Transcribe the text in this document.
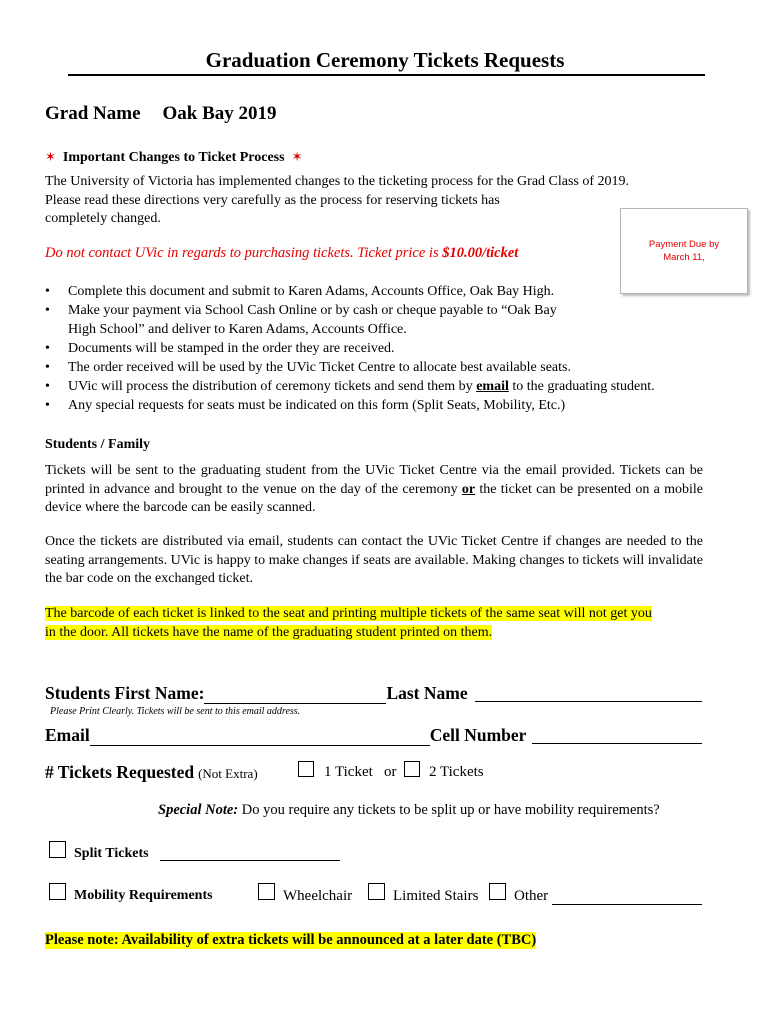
Graduation Ceremony Tickets Requests
Grad Name Oak Bay 2019
✶ Important Changes to Ticket Process ✶
The University of Victoria has implemented changes to the ticketing process for the Grad Class of 2019.
Please read these directions very carefully as the process for reserving tickets has
completely changed.
Payment Due by
March 11,
Do not contact UVic in regards to purchasing tickets. Ticket price is $10.00/ticket
• Complete this document and submit to Karen Adams, Accounts Office, Oak Bay High.
• Make your payment via School Cash Online or by cash or cheque payable to “Oak Bay
High School” and deliver to Karen Adams, Accounts Office.
• Documents will be stamped in the order they are received.
• The order received will be used by the UVic Ticket Centre to allocate best available seats.
• UVic will process the distribution of ceremony tickets and send them by email to the graduating student.
• Any special requests for seats must be indicated on this form (Split Seats, Mobility, Etc.)
Students / Family
Tickets will be sent to the graduating student from the UVic Ticket Centre via the email provided. Tickets can be printed in advance and brought to the venue on the day of the ceremony or the ticket can be presented on a mobile device where the barcode can be easily scanned.
Once the tickets are distributed via email, students can contact the UVic Ticket Centre if changes are needed to the seating arrangements. UVic is happy to make changes if seats are available. Making changes to tickets will invalidate the bar code on the exchanged ticket.
The barcode of each ticket is linked to the seat and printing multiple tickets of the same seat will not get you
in the door. All tickets have the name of the graduating student printed on them.
Students First Name:	Last Name
Please Print Clearly. Tickets will be sent to this email address.
Email	Cell Number
# Tickets Requested (Not Extra)	1 Ticket or 2 Tickets
Special Note: Do you require any tickets to be split up or have mobility requirements?
Split Tickets
Mobility Requirements	Wheelchair	Limited Stairs Other
Please note: Availability of extra tickets will be announced at a later date (TBC)
